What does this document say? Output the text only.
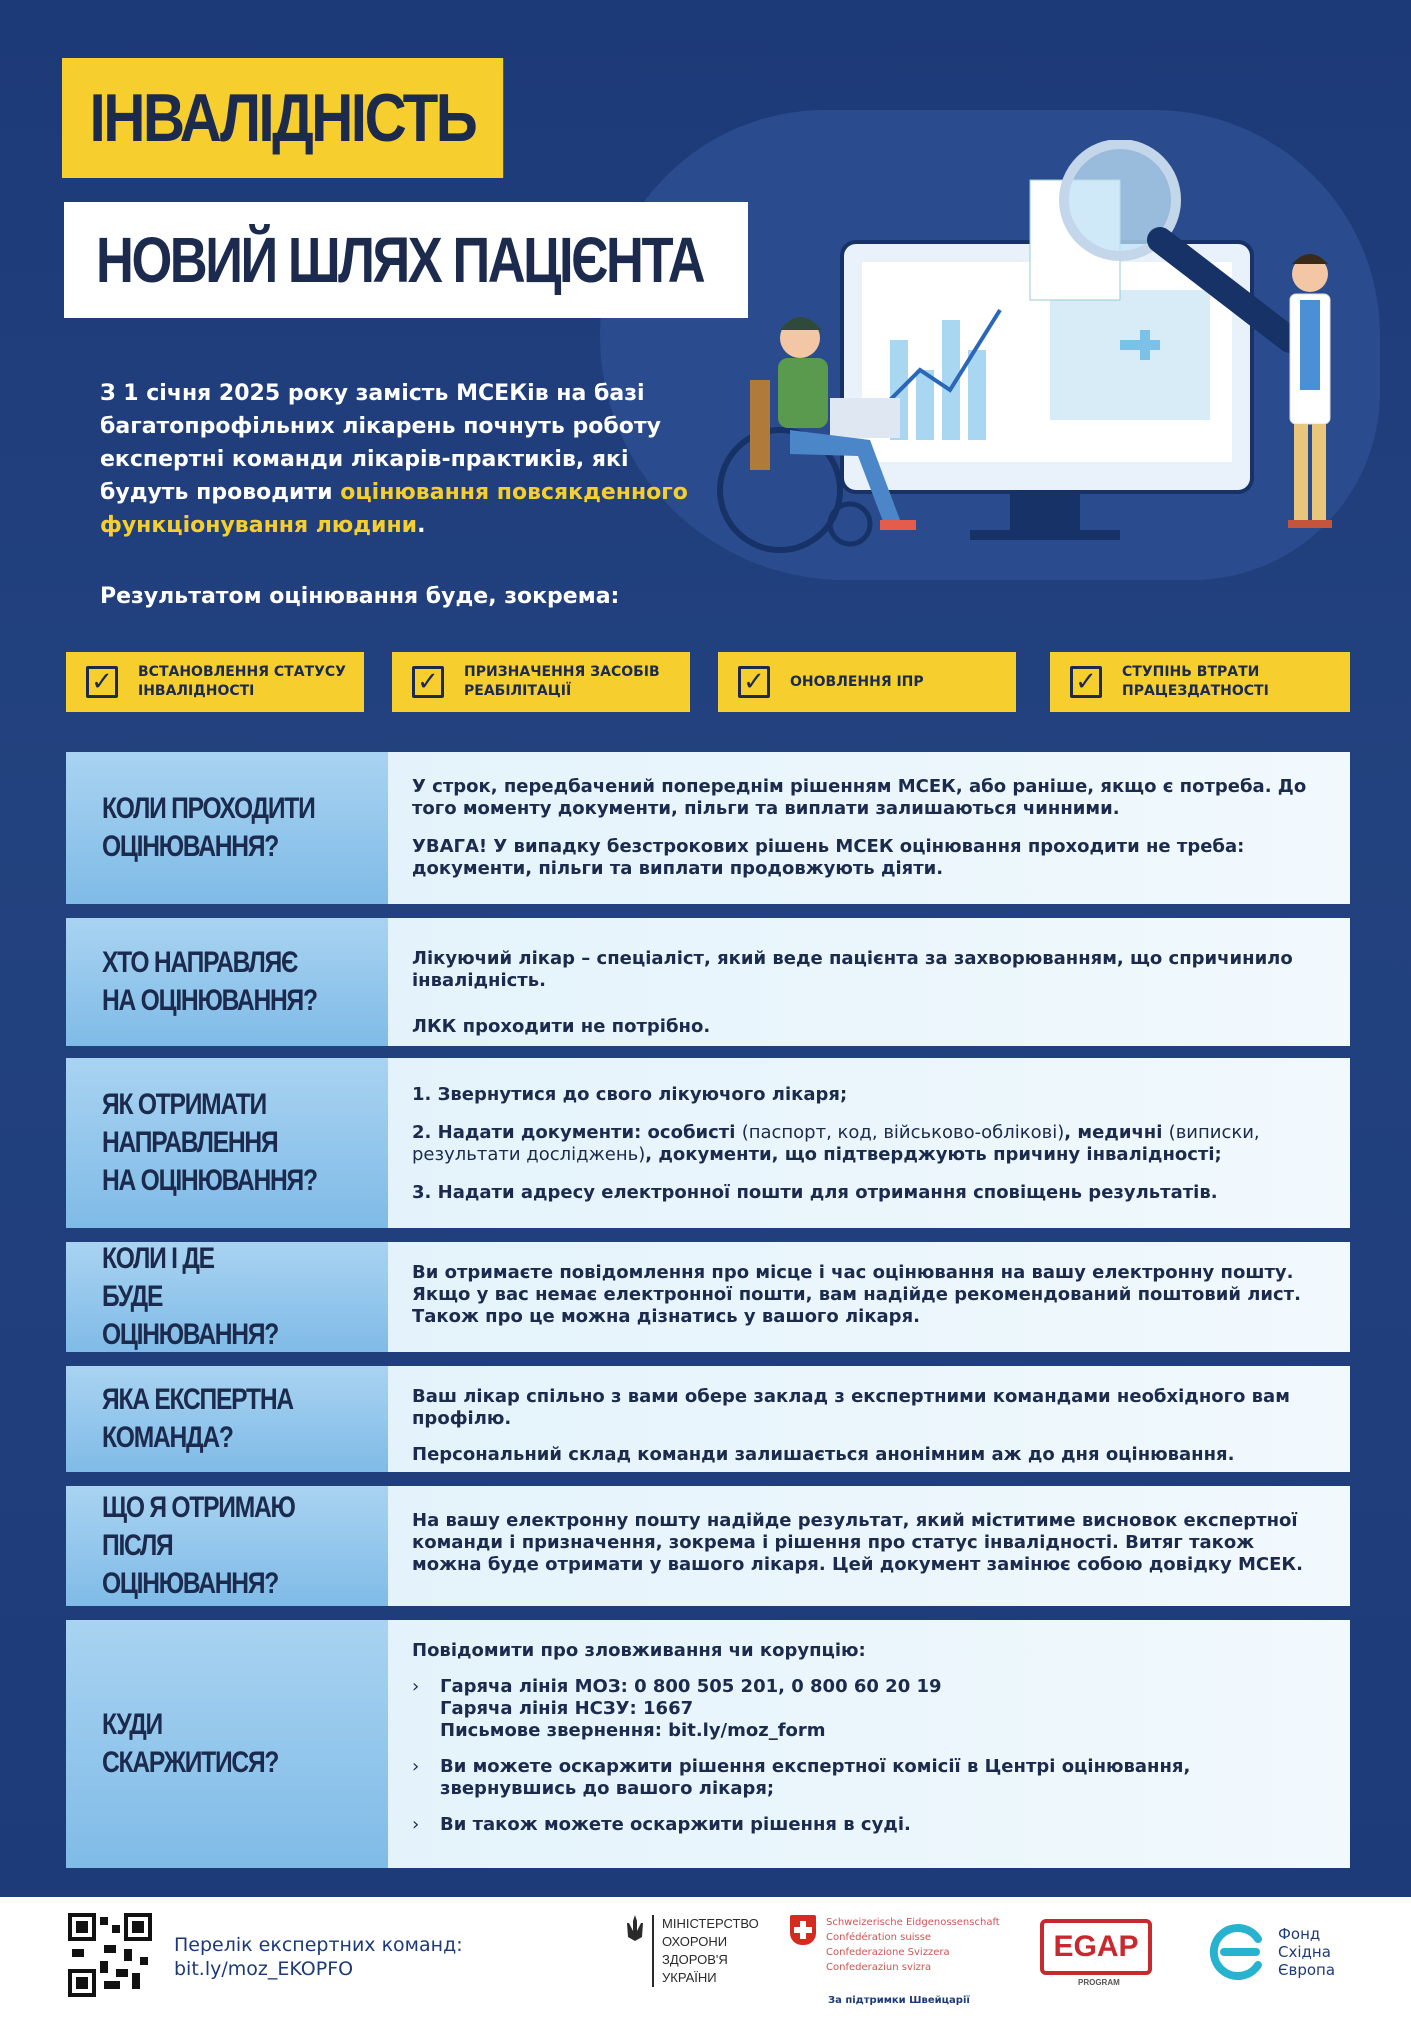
ІНВАЛІДНІСТЬ
НОВИЙ ШЛЯХ ПАЦІЄНТА
З 1 січня 2025 року замість МСЕКів на базі багатопрофільних лікарень почнуть роботу експертні команди лікарів-практиків, які будуть проводити оцінювання повсякденного функціонування людини.
Результатом оцінювання буде, зокрема:
✓	ВСТАНОВЛЕННЯ СТАТУСУ ІНВАЛІДНОСТІ	✓	ПРИЗНАЧЕННЯ ЗАСОБІВ РЕАБІЛІТАЦІЇ	✓	ОНОВЛЕННЯ ІПР	✓	СТУПІНЬ ВТРАТИ ПРАЦЕЗДАТНОСТІ
КОЛИ ПРОХОДИТИ
ОЦІНЮВАННЯ?

У строк, передбачений попереднім рішенням МСЕК, або раніше, якщо є потреба. До того моменту документи, пільги та виплати залишаються чинними.

УВАГА! У випадку безстрокових рішень МСЕК оцінювання проходити не треба: документи, пільги та виплати продовжують діяти.

ХТО НАПРАВЛЯЄ
НА ОЦІНЮВАННЯ?

Лікуючий лікар – спеціаліст, який веде пацієнта за захворюванням, що спричинило інвалідність.

ЛКК проходити не потрібно.

ЯК ОТРИМАТИ
НАПРАВЛЕННЯ
НА ОЦІНЮВАННЯ?

1. Звернутися до свого лікуючого лікаря;

2. Надати документи: особисті (паспорт, код, військово-облікові), медичні (виписки, результати досліджень), документи, що підтверджують причину інвалідності;

3. Надати адресу електронної пошти для отримання сповіщень результатів.

КОЛИ І ДЕ
БУДЕ ОЦІНЮВАННЯ?

Ви отримаєте повідомлення про місце і час оцінювання на вашу електронну пошту. Якщо у вас немає електронної пошти, вам надійде рекомендований поштовий лист. Також про це можна дізнатись у вашого лікаря.

ЯКА ЕКСПЕРТНА
КОМАНДА?

Ваш лікар спільно з вами обере заклад з експертними командами необхідного вам профілю.

Персональний склад команди залишається анонімним аж до дня оцінювання.

ЩО Я ОТРИМАЮ
ПІСЛЯ ОЦІНЮВАННЯ?

На вашу електронну пошту надійде результат, який міститиме висновок експертної команди і призначення, зокрема і рішення про статус інвалідності. Витяг також можна буде отримати у вашого лікаря. Цей документ замінює собою довідку МСЕК.

КУДИ
СКАРЖИТИСЯ?

Повідомити про зловживання чи корупцію:

›	Гаряча лінія МОЗ: 0 800 505 201, 0 800 60 20 19
Гаряча лінія НСЗУ: 1667
Письмове звернення: bit.ly/moz_form
›	Ви можете оскаржити рішення експертної комісії в Центрі оцінювання, звернувшись до вашого лікаря;
›	Ви також можете оскаржити рішення в суді.
Перелік експертних команд:
bit.ly/moz_EKOPFO
МІНІСТЕРСТВО
ОХОРОНИ
ЗДОРОВ'Я
УКРАЇНИ
Schweizerische Eidgenossenschaft
Confédération suisse
Confederazione Svizzera
Confederaziun svizra
За підтримки Швейцарії
EGAP
PROGRAM
Фонд
Східна
Європа
